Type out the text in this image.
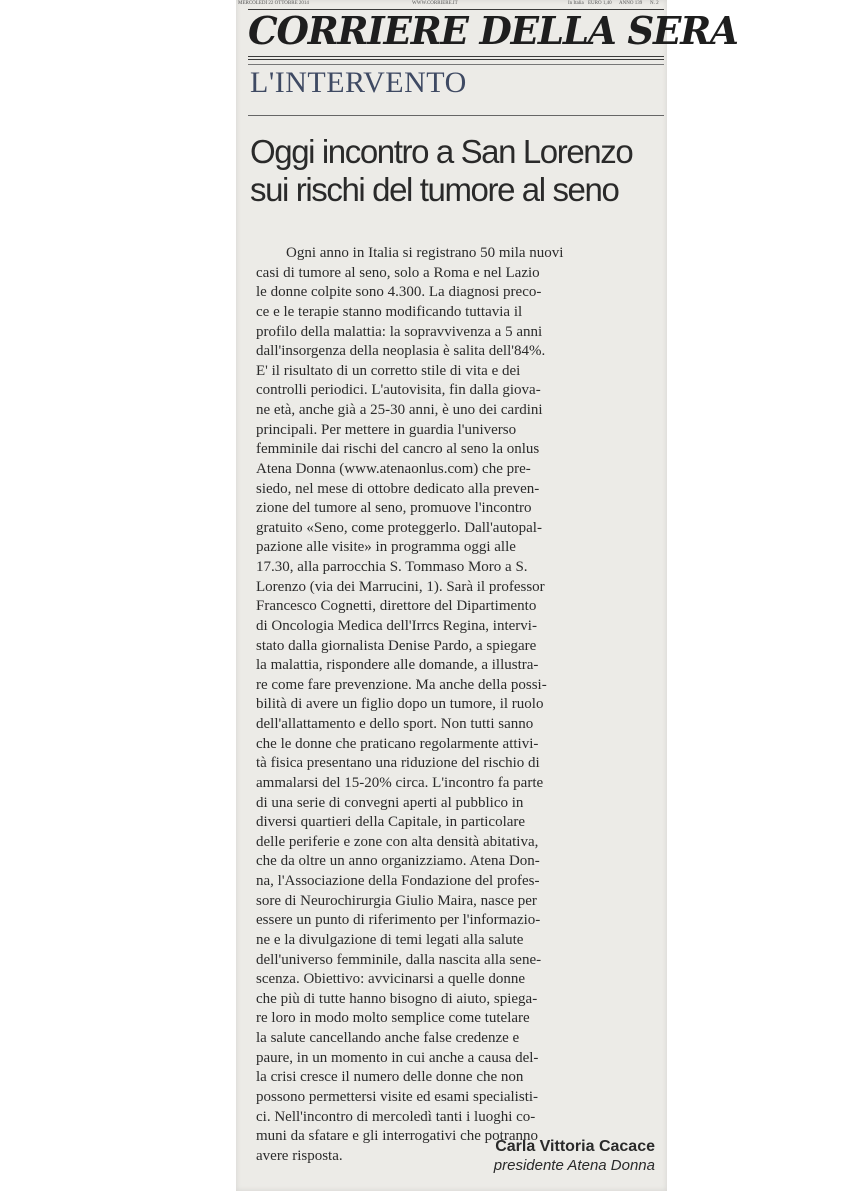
MERCOLEDÌ 22 OTTOBRE 2014	WWW.CORRIERE.IT	In Italia EURO 1,40 ANNO 139 N. 2
CORRIERE DELLA SERA
L'INTERVENTO
Oggi incontro a San Lorenzo
sui rischi del tumore al seno
Ogni anno in Italia si registrano 50 mila nuovi
casi di tumore al seno, solo a Roma e nel Lazio
le donne colpite sono 4.300. La diagnosi preco-
ce e le terapie stanno modificando tuttavia il
profilo della malattia: la sopravvivenza a 5 anni
dall'insorgenza della neoplasia è salita dell'84%.
E' il risultato di un corretto stile di vita e dei
controlli periodici. L'autovisita, fin dalla giova-
ne età, anche già a 25-30 anni, è uno dei cardini
principali. Per mettere in guardia l'universo
femminile dai rischi del cancro al seno la onlus
Atena Donna (www.atenaonlus.com) che pre-
siedo, nel mese di ottobre dedicato alla preven-
zione del tumore al seno, promuove l'incontro
gratuito «Seno, come proteggerlo. Dall'autopal-
pazione alle visite» in programma oggi alle
17.30, alla parrocchia S. Tommaso Moro a S.
Lorenzo (via dei Marrucini, 1). Sarà il professor
Francesco Cognetti, direttore del Dipartimento
di Oncologia Medica dell'Irrcs Regina, intervi-
stato dalla giornalista Denise Pardo, a spiegare
la malattia, rispondere alle domande, a illustra-
re come fare prevenzione. Ma anche della possi-
bilità di avere un figlio dopo un tumore, il ruolo
dell'allattamento e dello sport. Non tutti sanno
che le donne che praticano regolarmente attivi-
tà fisica presentano una riduzione del rischio di
ammalarsi del 15-20% circa. L'incontro fa parte
di una serie di convegni aperti al pubblico in
diversi quartieri della Capitale, in particolare
delle periferie e zone con alta densità abitativa,
che da oltre un anno organizziamo. Atena Don-
na, l'Associazione della Fondazione del profes-
sore di Neurochirurgia Giulio Maira, nasce per
essere un punto di riferimento per l'informazio-
ne e la divulgazione di temi legati alla salute
dell'universo femminile, dalla nascita alla sene-
scenza. Obiettivo: avvicinarsi a quelle donne
che più di tutte hanno bisogno di aiuto, spiega-
re loro in modo molto semplice come tutelare
la salute cancellando anche false credenze e
paure, in un momento in cui anche a causa del-
la crisi cresce il numero delle donne che non
possono permettersi visite ed esami specialisti-
ci. Nell'incontro di mercoledì tanti i luoghi co-
muni da sfatare e gli interrogativi che potranno
avere risposta.
Carla Vittoria Cacace
presidente Atena Donna
